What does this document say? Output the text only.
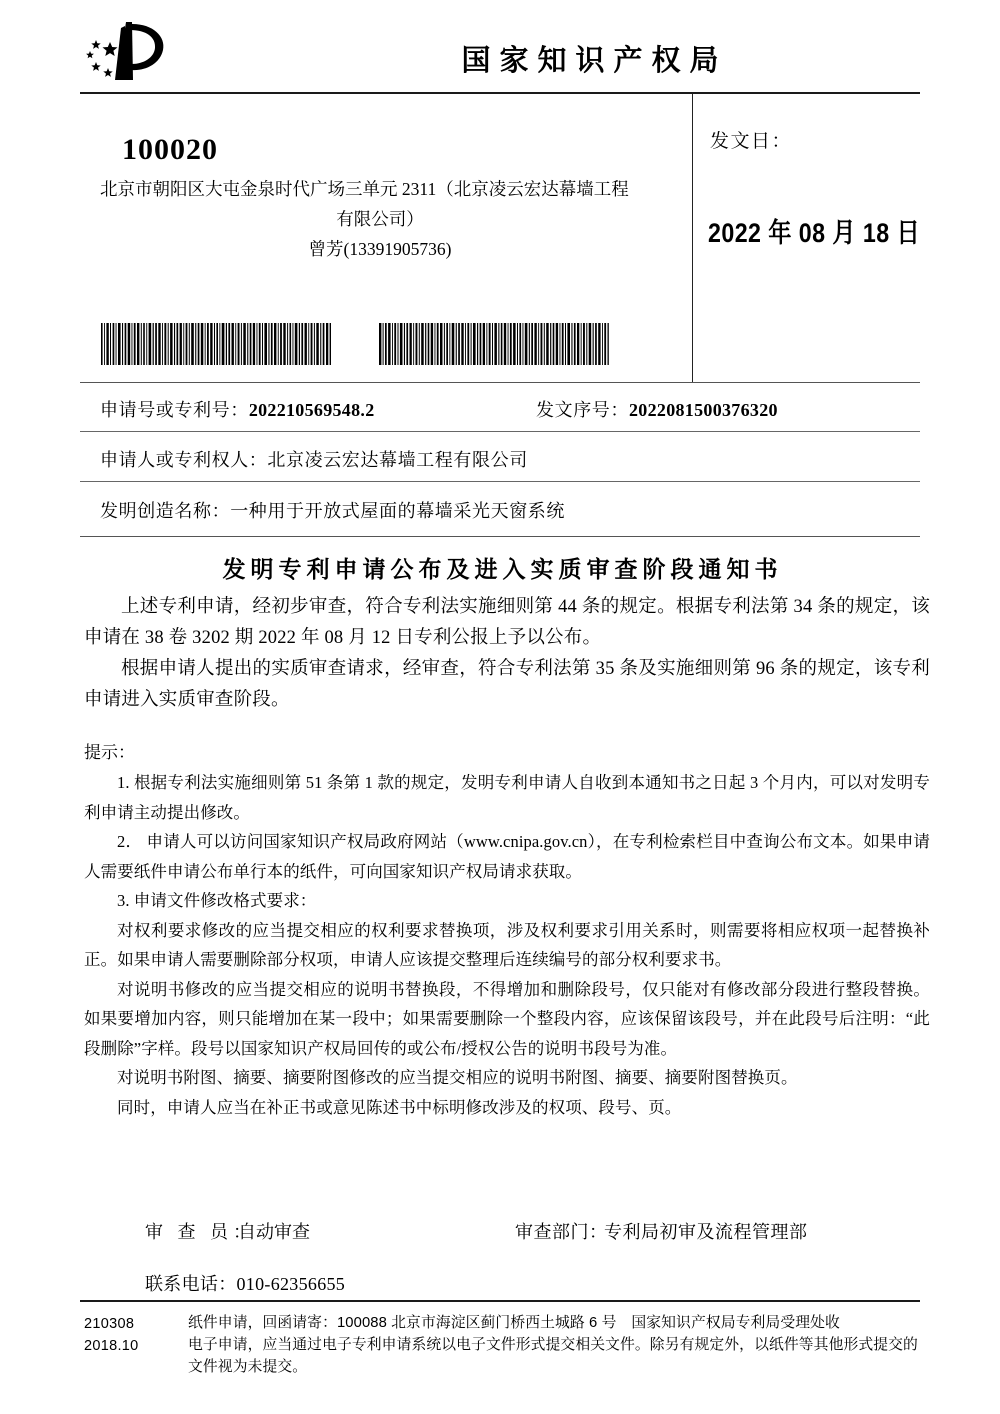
国家知识产权局
100020
北京市朝阳区大屯金泉时代广场三单元 2311（北京凌云宏达幕墙工程
有限公司）
曾芳(13391905736)
发文日：
2022 年 08 月 18 日
申请号或专利号：202210569548.2	发文序号：2022081500376320
申请人或专利权人：北京凌云宏达幕墙工程有限公司
发明创造名称：一种用于开放式屋面的幕墙采光天窗系统
发明专利申请公布及进入实质审查阶段通知书

上述专利申请，经初步审查，符合专利法实施细则第 44 条的规定。根据专利法第 34 条的规定，该申请在 38 卷 3202 期 2022 年 08 月 12 日专利公报上予以公布。

根据申请人提出的实质审查请求，经审查，符合专利法第 35 条及实施细则第 96 条的规定，该专利申请进入实质审查阶段。

提示：

1. 根据专利法实施细则第 51 条第 1 款的规定，发明专利申请人自收到本通知书之日起 3 个月内，可以对发明专利申请主动提出修改。

2． 申请人可以访问国家知识产权局政府网站（www.cnipa.gov.cn），在专利检索栏目中查询公布文本。如果申请人需要纸件申请公布单行本的纸件，可向国家知识产权局请求获取。

3. 申请文件修改格式要求：

对权利要求修改的应当提交相应的权利要求替换项，涉及权利要求引用关系时，则需要将相应权项一起替换补正。如果申请人需要删除部分权项，申请人应该提交整理后连续编号的部分权利要求书。

对说明书修改的应当提交相应的说明书替换段，不得增加和删除段号，仅只能对有修改部分段进行整段替换。如果要增加内容，则只能增加在某一段中；如果需要删除一个整段内容，应该保留该段号，并在此段号后注明：“此段删除”字样。段号以国家知识产权局回传的或公布/授权公告的说明书段号为准。

对说明书附图、摘要、摘要附图修改的应当提交相应的说明书附图、摘要、摘要附图替换页。

同时，申请人应当在补正书或意见陈述书中标明修改涉及的权项、段号、页。

审 查 员：
自动审查	审查部门：
专利局初审及流程管理部
联系电话：010-62356655
210308
2018.10

纸件申请，回函请寄：100088 北京市海淀区蓟门桥西土城路 6 号　国家知识产权局专利局受理处收

电子申请，应当通过电子专利申请系统以电子文件形式提交相关文件。除另有规定外，以纸件等其他形式提交的文件视为未提交。
